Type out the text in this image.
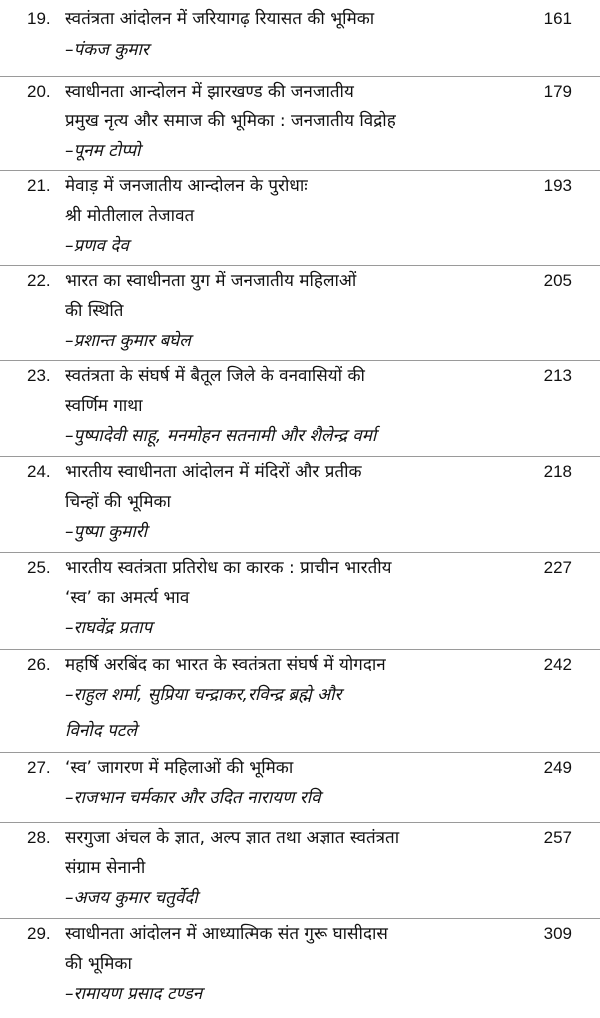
19. स्वतंत्रता आंदोलन में जरियागढ़ रियासत की भूमिका	161
–पंकज कुमार
20. स्वाधीनता आन्दोलन में झारखण्ड की जनजातीय	179
प्रमुख नृत्य और समाज की भूमिका : जनजातीय विद्रोह
–पूनम टोप्पो
21. मेवाड़ में जनजातीय आन्दोलन के पुरोधाः	193
श्री मोतीलाल तेजावत
–प्रणव देव
22. भारत का स्वाधीनता युग में जनजातीय महिलाओं	205
की स्थिति
–प्रशान्त कुमार बघेल
23. स्वतंत्रता के संघर्ष में बैतूल जिले के वनवासियों की	213
स्वर्णिम गाथा
–पुष्पादेवी साहू, मनमोहन सतनामी और शैलेन्द्र वर्मा
24. भारतीय स्वाधीनता आंदोलन में मंदिरों और प्रतीक	218
चिन्हों की भूमिका
–पुष्पा कुमारी
25. भारतीय स्वतंत्रता प्रतिरोध का कारक : प्राचीन भारतीय	227
‘स्व’ का अमर्त्य भाव
–राघवेंद्र प्रताप
26. महर्षि अरबिंद का भारत के स्वतंत्रता संघर्ष में योगदान	242
–राहुल शर्मा, सुप्रिया चन्द्राकर,रविन्द्र ब्रह्मे और
विनोद पटले
27. ‘स्व’ जागरण में महिलाओं की भूमिका	249
–राजभान चर्मकार और उदित नारायण रवि
28. सरगुजा अंचल के ज्ञात, अल्प ज्ञात तथा अज्ञात स्वतंत्रता	257
संग्राम सेनानी
–अजय कुमार चतुर्वेदी
29. स्वाधीनता आंदोलन में आध्यात्मिक संत गुरू घासीदास	309
की भूमिका
–रामायण प्रसाद टण्डन
